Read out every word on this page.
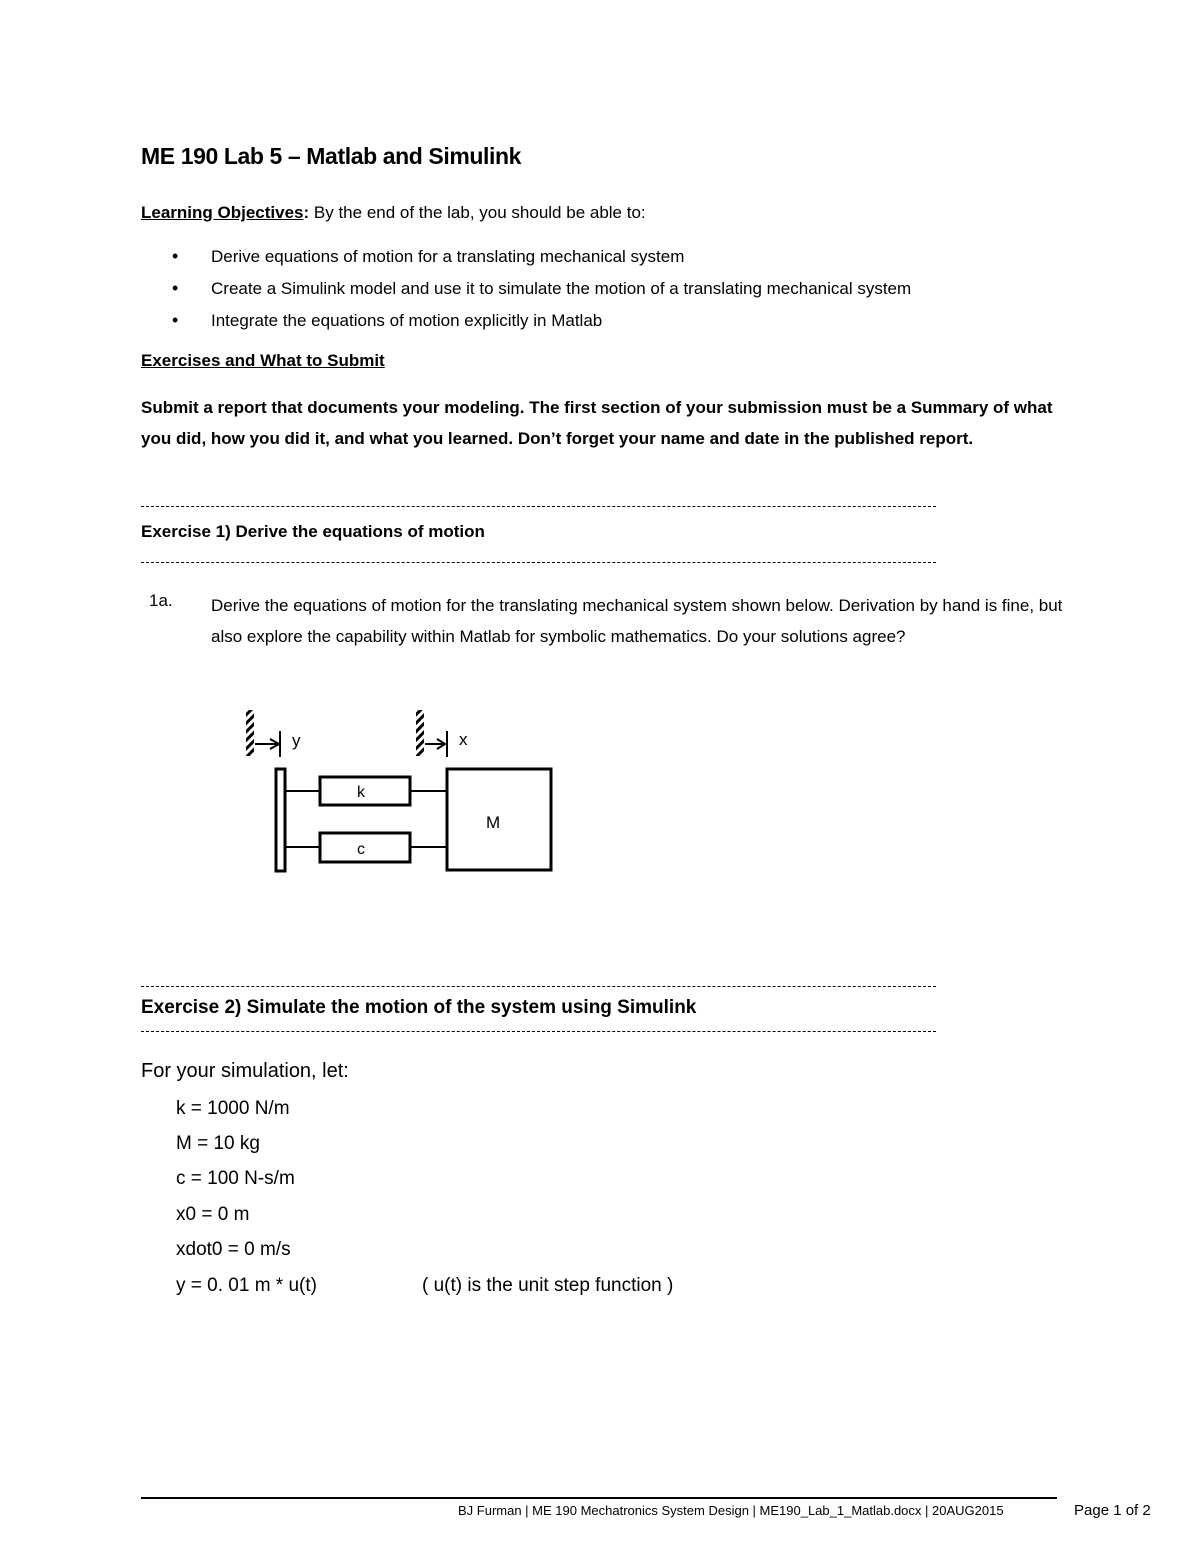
ME 190 Lab 5 – Matlab and Simulink

Learning Objectives: By the end of the lab, you should be able to:

• Derive equations of motion for a translating mechanical system
• Create a Simulink model and use it to simulate the motion of a translating mechanical system
• Integrate the equations of motion explicitly in Matlab

Exercises and What to Submit

Submit a report that documents your modeling. The first section of your submission must be a Summary of what you did, how you did it, and what you learned. Don’t forget your name and date in the published report.

Exercise 1) Derive the equations of motion

1a. Derive the equations of motion for the translating mechanical system shown below. Derivation by hand is fine, but also explore the capability within Matlab for symbolic mathematics. Do your solutions agree?

y	x
k
c
M

Exercise 2) Simulate the motion of the system using Simulink

For your simulation, let:

k = 1000 N/m

M = 10 kg

c = 100 N-s/m

x0 = 0 m

xdot0 = 0 m/s

y = 0. 01 m * u(t)	( u(t) is the unit step function )

BJ Furman | ME 190 Mechatronics System Design | ME190_Lab_1_Matlab.docx | 20AUG2015	Page 1 of 2
